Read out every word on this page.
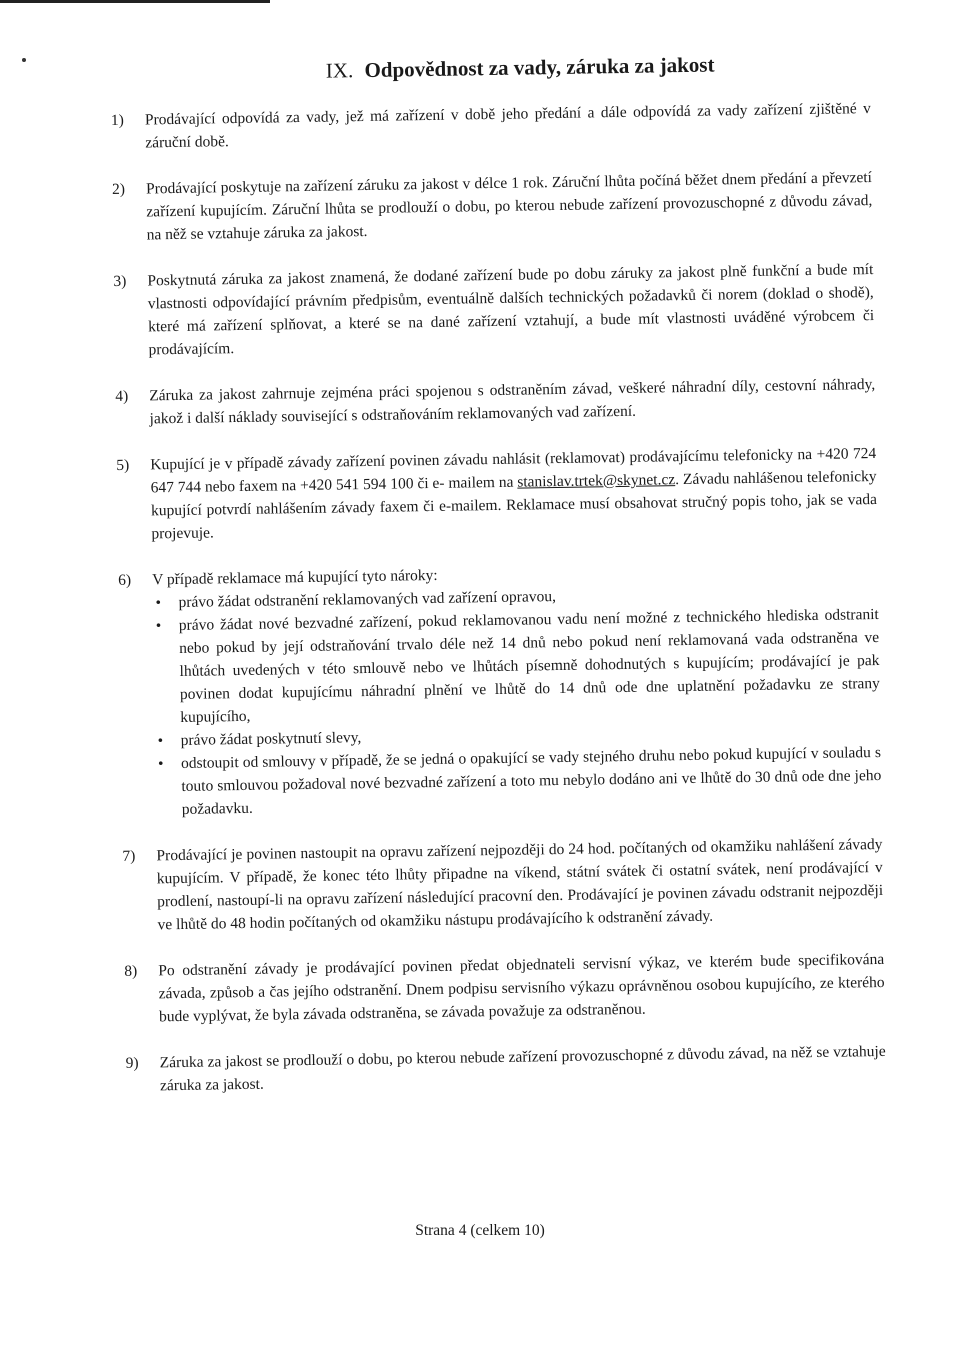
IX. Odpovědnost za vady, záruka za jakost
1)	Prodávající odpovídá za vady, jež má zařízení v době jeho předání a dále odpovídá za vady zařízení zjištěné v záruční době.

2)	Prodávající poskytuje na zařízení záruku za jakost v délce 1 rok. Záruční lhůta počíná běžet dnem předání a převzetí zařízení kupujícím. Záruční lhůta se prodlouží o dobu, po kterou nebude zařízení provozuschopné z důvodu závad, na něž se vztahuje záruka za jakost.

3)	Poskytnutá záruka za jakost znamená, že dodané zařízení bude po dobu záruky za jakost plně funkční a bude mít vlastnosti odpovídající právním předpisům, eventuálně dalších technických požadavků či norem (doklad o shodě), které má zařízení splňovat, a které se na dané zařízení vztahují, a bude mít vlastnosti uváděné výrobcem či prodávajícím.

4)	Záruka za jakost zahrnuje zejména práci spojenou s odstraněním závad, veškeré náhradní díly, cestovní náhrady, jakož i další náklady související s odstraňováním reklamovaných vad zařízení.

5)	Kupující je v případě závady zařízení povinen závadu nahlásit (reklamovat) prodávajícímu telefonicky na +420 724 647 744 nebo faxem na +420 541 594 100 či e- mailem na stanislav.trtek@skynet.cz. Závadu nahlášenou telefonicky kupující potvrdí nahlášením závady faxem či e-mailem. Reklamace musí obsahovat stručný popis toho, jak se vada projevuje.

6)	V případě reklamace má kupující tyto nároky:

• právo žádat odstranění reklamovaných vad zařízení opravou,
• právo žádat nové bezvadné zařízení, pokud reklamovanou vadu není možné z technického hlediska odstranit nebo pokud by její odstraňování trvalo déle než 14 dnů nebo pokud není reklamovaná vada odstraněna ve lhůtách uvedených v této smlouvě nebo ve lhůtách písemně dohodnutých s kupujícím; prodávající je pak povinen dodat kupujícímu náhradní plnění ve lhůtě do 14 dnů ode dne uplatnění požadavku ze strany kupujícího,
• právo žádat poskytnutí slevy,
• odstoupit od smlouvy v případě, že se jedná o opakující se vady stejného druhu nebo pokud kupující v souladu s touto smlouvou požadoval nové bezvadné zařízení a toto mu nebylo dodáno ani ve lhůtě do 30 dnů ode dne jeho požadavku.
7)	Prodávající je povinen nastoupit na opravu zařízení nejpozději do 24 hod. počítaných od okamžiku nahlášení závady kupujícím. V případě, že konec této lhůty připadne na víkend, státní svátek či ostatní svátek, není prodávající v prodlení, nastoupí-li na opravu zařízení následující pracovní den. Prodávající je povinen závadu odstranit nejpozději ve lhůtě do 48 hodin počítaných od okamžiku nástupu prodávajícího k odstranění závady.

8)	Po odstranění závady je prodávající povinen předat objednateli servisní výkaz, ve kterém bude specifikována závada, způsob a čas jejího odstranění. Dnem podpisu servisního výkazu oprávněnou osobou kupujícího, ze kterého bude vyplývat, že byla závada odstraněna, se závada považuje za odstraněnou.

9)	Záruka za jakost se prodlouží o dobu, po kterou nebude zařízení provozuschopné z důvodu závad, na něž se vztahuje záruka za jakost.

Strana 4 (celkem 10)
